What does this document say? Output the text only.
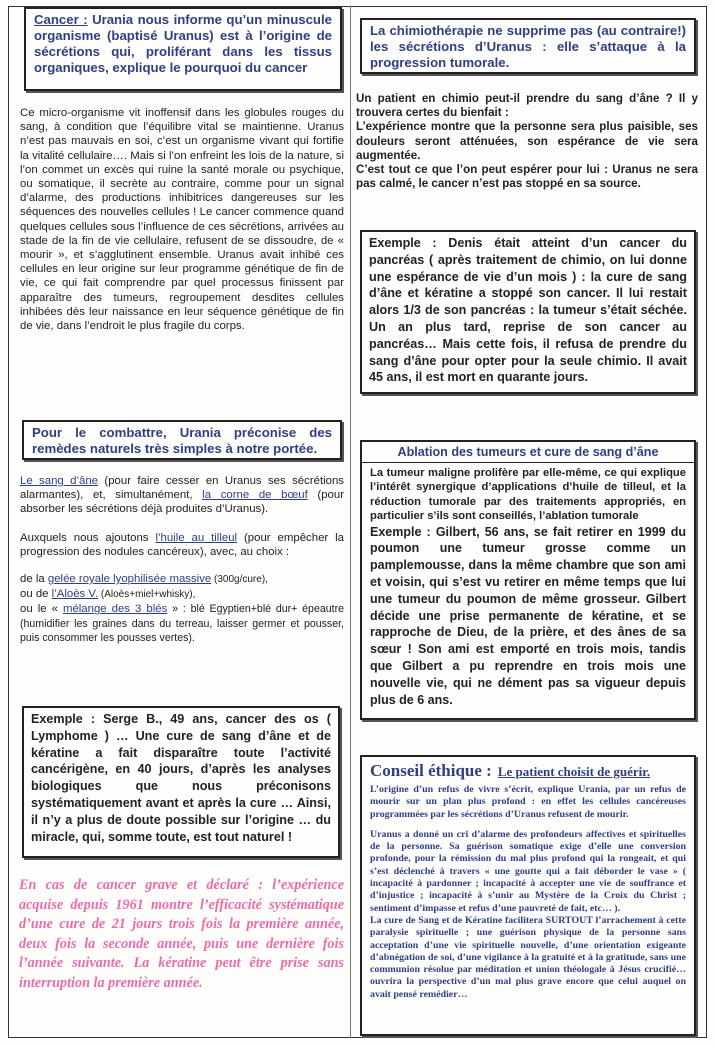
Cancer : Urania nous informe qu’un minuscule organisme (baptisé Uranus) est à l’origine de sécrétions qui, proliférant dans les tissus organiques, explique le pourquoi du cancer

Ce micro-organisme vit inoffensif dans les globules rouges du sang, à condition que l’équilibre vital se maintienne. Uranus n’est pas mauvais en soi, c’est un organisme vivant qui fortifie la vitalité cellulaire…. Mais si l’on enfreint les lois de la nature, si l’on commet un excès qui ruine la santé morale ou psychique, ou somatique, il secrète au contraire, comme pour un signal d’alarme, des productions inhibitrices dangereuses sur les séquences des nouvelles cellules ! Le cancer commence quand quelques cellules sous l’influence de ces sécrétions, arrivées au stade de la fin de vie cellulaire, refusent de se dissoudre, de « mourir », et s’agglutinent ensemble. Uranus avait inhibé ces cellules en leur origine sur leur programme génétique de fin de vie, ce qui fait comprendre par quel processus finissent par apparaître des tumeurs, regroupement desdites cellules inhibées dès leur naissance en leur séquence génétique de fin de vie, dans l’endroit le plus fragile du corps.

Pour le combattre, Urania préconise des remèdes naturels très simples à notre portée.

Le sang d’âne (pour faire cesser en Uranus ses sécrétions alarmantes), et, simultanément, la corne de bœuf (pour absorber les sécrétions déjà produites d’Uranus).

Auxquels nous ajoutons l’huile au tilleul (pour empêcher la progression des nodules cancéreux), avec, au choix :

de la gelée royale lyophilisée massive (300g/cure),

ou de l’Aloès V. (Aloès+miel+whisky),

ou le « mélange des 3 blés » : blé Egyptien+blé dur+ épeautre (humidifier les graines dans du terreau, laisser germer et pousser, puis consommer les pousses vertes).

Exemple : Serge B., 49 ans, cancer des os ( Lymphome ) … Une cure de sang d’âne et de kératine a fait disparaître toute l’activité cancérigène, en 40 jours, d’après les analyses biologiques que nous préconisons systématiquement avant et après la cure … Ainsi, il n’y a plus de doute possible sur l’origine … du miracle, qui, somme toute, est tout naturel !
En cas de cancer grave et déclaré : l’expérience acquise depuis 1961 montre l’efficacité systématique d’une cure de 21 jours trois fois la première année, deux fois la seconde année, puis une dernière fois l’année suivante. La kératine peut être prise sans interruption la première année.
La chimiothérapie ne supprime pas (au contraire!) les sécrétions d’Uranus : elle s’attaque à la progression tumorale.

Un patient en chimio peut-il prendre du sang d’âne ? Il y trouvera certes du bienfait :

L’expérience montre que la personne sera plus paisible, ses douleurs seront atténuées, son espérance de vie sera augmentée.

C’est tout ce que l’on peut espérer pour lui : Uranus ne sera pas calmé, le cancer n’est pas stoppé en sa source.

Exemple : Denis était atteint d’un cancer du pancréas ( après traitement de chimio, on lui donne une espérance de vie d’un mois ) : la cure de sang d’âne et kératine a stoppé son cancer. Il lui restait alors 1/3 de son pancréas : la tumeur s’était séchée. Un an plus tard, reprise de son cancer au pancréas… Mais cette fois, il refusa de prendre du sang d’âne pour opter pour la seule chimio. Il avait 45 ans, il est mort en quarante jours.
Ablation des tumeurs et cure de sang d’âne
La tumeur maligne prolifère par elle-même, ce qui explique l’intérêt synergique d’applications d’huile de tilleul, et la réduction tumorale par des traitements appropriés, en particulier s’ils sont conseillés, l’ablation tumorale
Exemple : Gilbert, 56 ans, se fait retirer en 1999 du poumon une tumeur grosse comme un pamplemousse, dans la même chambre que son ami et voisin, qui s’est vu retirer en même temps que lui une tumeur du poumon de même grosseur. Gilbert décide une prise permanente de kératine, et se rapproche de Dieu, de la prière, et des ânes de sa sœur ! Son ami est emporté en trois mois, tandis que Gilbert a pu reprendre en trois mois une nouvelle vie, qui ne dément pas sa vigueur depuis plus de 6 ans.
Conseil éthique : Le patient choisit de guérir.

L’origine d’un refus de vivre s’écrit, explique Urania, par un refus de mourir sur un plan plus profond : en effet les cellules cancéreuses programmées par les sécrétions d’Uranus refusent de mourir.

Uranus a donné un cri d’alarme des profondeurs affectives et spirituelles de la personne. Sa guérison somatique exige d’elle une conversion profonde, pour la rémission du mal plus profond qui la rongeait, et qui s’est déclenché à travers « une goutte qui a fait déborder le vase » ( incapacité à pardonner ; incapacité à accepter une vie de souffrance et d’injustice ; incapacité à s’unir au Mystère de la Croix du Christ ; sentiment d’impasse et refus d’une pauvreté de fait, etc… ).

La cure de Sang et de Kératine facilitera SURTOUT l’arrachement à cette paralysie spirituelle ; une guérison physique de la personne sans acceptation d’une vie spirituelle nouvelle, d’une orientation exigeante d’abnégation de soi, d’une vigilance à la gratuité et à la gratitude, sans une communion résolue par méditation et union théologale à Jésus crucifié… ouvrira la perspective d’un mal plus grave encore que celui auquel on avait pensé remédier…
